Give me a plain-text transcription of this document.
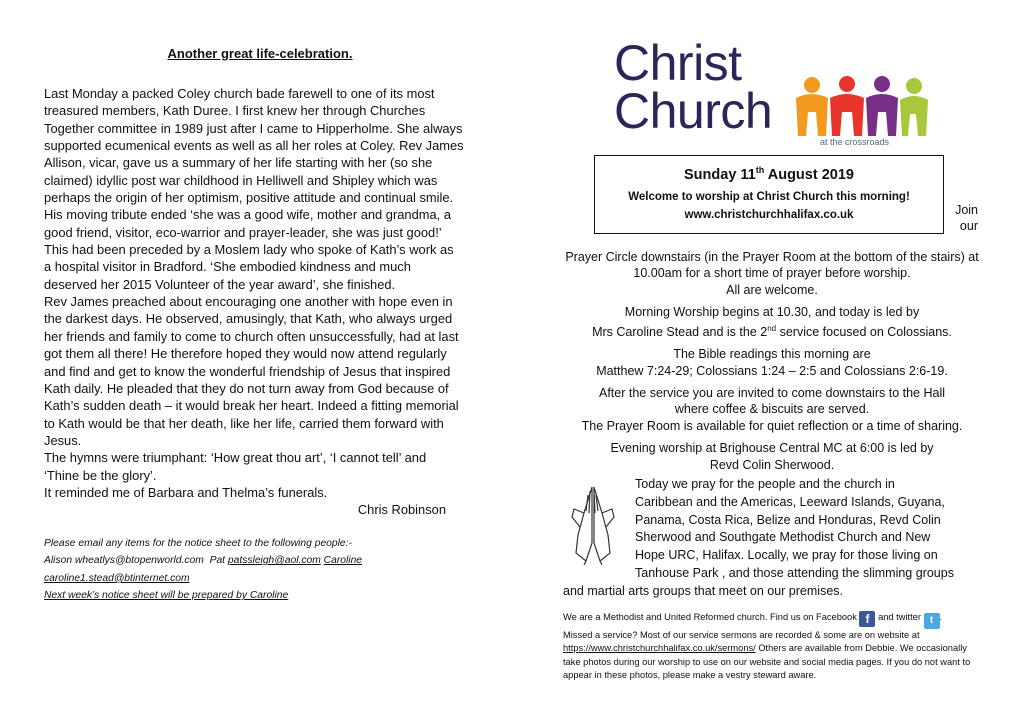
Another great life-celebration.
Last Monday a packed Coley church bade farewell to one of its most treasured members, Kath Duree. I first knew her through Churches Together committee in 1989 just after I came to Hipperholme. She always supported ecumenical events as well as all her roles at Coley. Rev James Allison, vicar, gave us a summary of her life starting with her (so she claimed) idyllic post war childhood in Helliwell and Shipley which was perhaps the origin of her optimism, positive attitude and continual smile. His moving tribute ended ‘she was a good wife, mother and grandma, a good friend, visitor, eco-warrior and prayer-leader, she was just good!’
This had been preceded by a Moslem lady who spoke of Kath’s work as a hospital visitor in Bradford. ‘She embodied kindness and much deserved her 2015 Volunteer of the year award’, she finished.
Rev James preached about encouraging one another with hope even in the darkest days. He observed, amusingly, that Kath, who always urged her friends and family to come to church often unsuccessfully, had at last got them all there! He therefore hoped they would now attend regularly and find and get to know the wonderful friendship of Jesus that inspired Kath daily. He pleaded that they do not turn away from God because of Kath’s sudden death – it would break her heart. Indeed a fitting memorial to Kath would be that her death, like her life, carried them forward with Jesus.
The hymns were triumphant: ‘How great thou art’, ‘I cannot tell’ and ‘Thine be the glory’.
It reminded me of Barbara and Thelma’s funerals.
Chris Robinson
Please email any items for the notice sheet to the following people:-
Alison wheatlys@btopenworld.com Pat patssleigh@aol.com Caroline
caroline1.stead@btinternet.com
Next week’s notice sheet will be prepared by Caroline
Christ
Church
at the crossroads
Sunday 11th August 2019
Welcome to worship at Christ Church this morning!
www.christchurchhalifax.co.uk	Join
our

Prayer Circle downstairs (in the Prayer Room at the bottom of the stairs) at 10.00am for a short time of prayer before worship.
All are welcome.

Morning Worship begins at 10.30, and today is led by
Mrs Caroline Stead and is the 2nd service focused on Colossians.

The Bible readings this morning are
Matthew 7:24-29; Colossians 1:24 – 2:5 and Colossians 2:6-19.

After the service you are invited to come downstairs to the Hall
where coffee & biscuits are served.
The Prayer Room is available for quiet reflection or a time of sharing.

Evening worship at Brighouse Central MC at 6:00 is led by
Revd Colin Sherwood.

Today we pray for the people and the church in
Caribbean and the Americas, Leeward Islands, Guyana,
Panama, Costa Rica, Belize and Honduras, Revd Colin
Sherwood and Southgate Methodist Church and New
Hope URC, Halifax. Locally, we pray for those living on
Tanhouse Park , and those attending the slimming groups
and martial arts groups that meet on our premises.
We are a Methodist and United Reformed church. Find us on Facebook f and twitter t .
Missed a service? Most of our service sermons are recorded & some are on website at
https://www.christchurchhalifax.co.uk/sermons/ Others are available from Debbie. We occasionally take photos during our worship to use on our website and social media pages. If you do not want to appear in these photos, please make a vestry steward aware.
